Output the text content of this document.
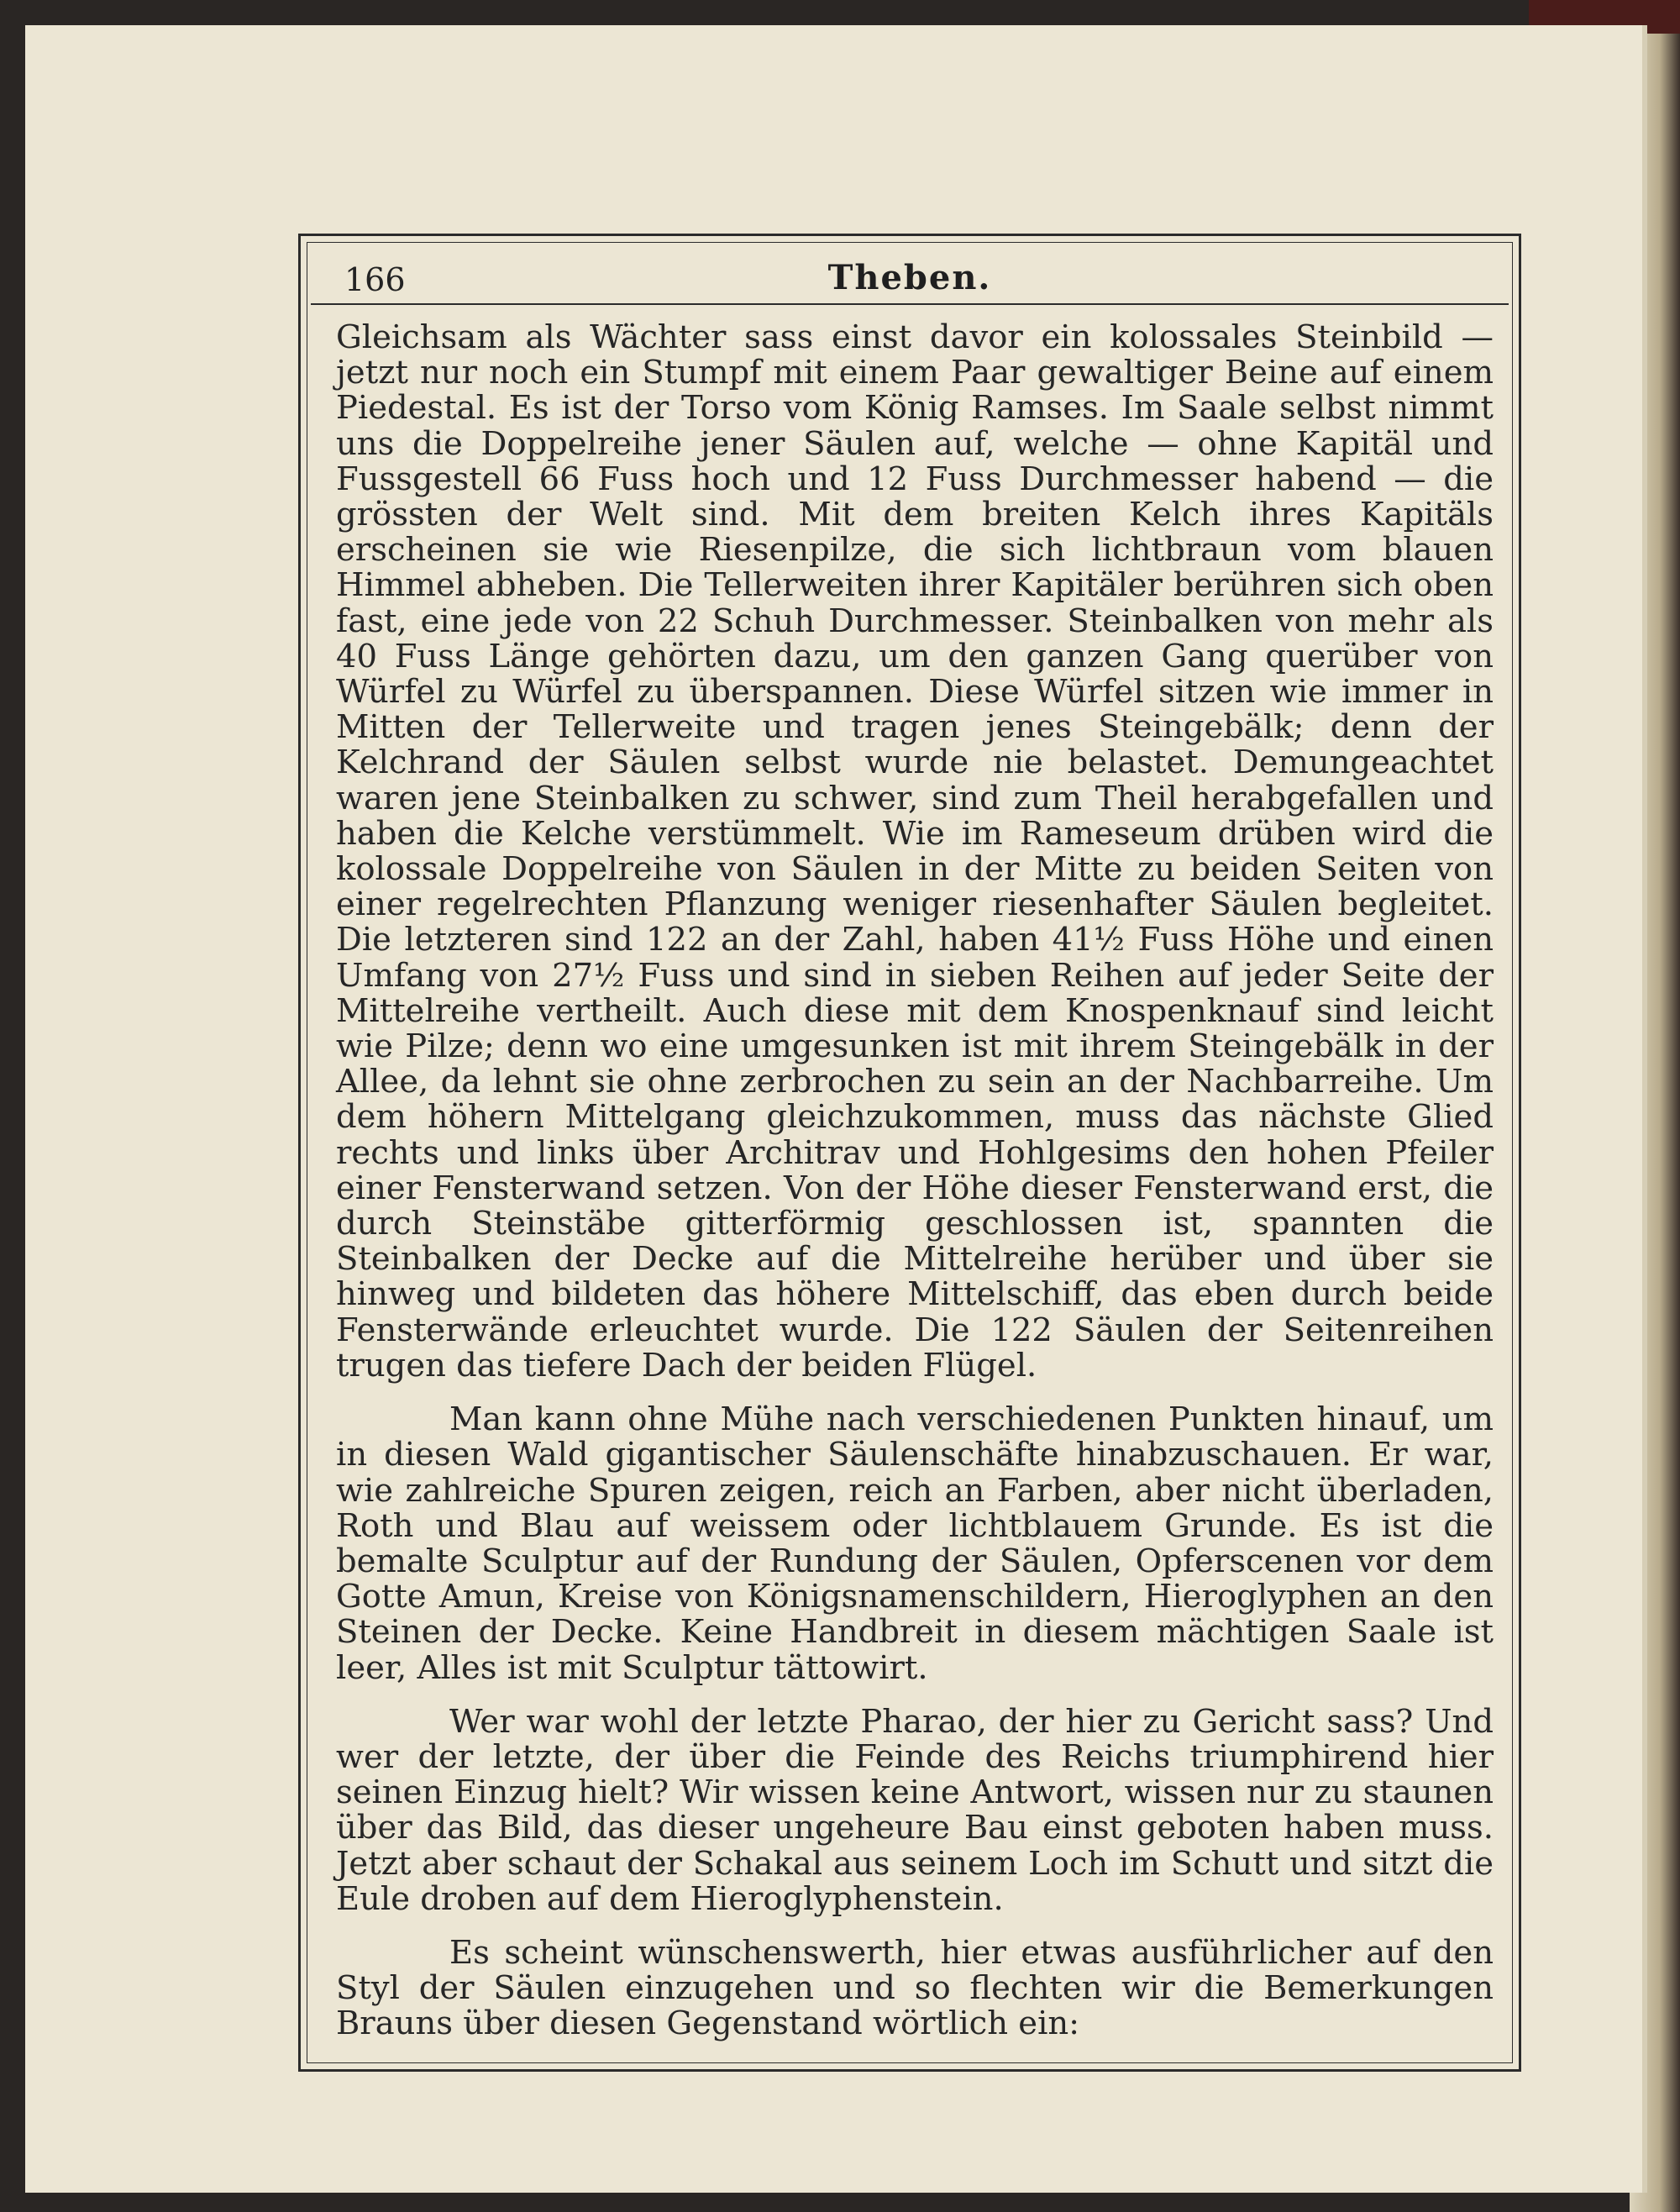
166	Theben.

Gleichsam als Wächter sass einst davor ein kolossales Steinbild — jetzt nur noch ein Stumpf mit einem Paar gewaltiger Beine auf einem Piedestal. Es ist der Torso vom König Ramses. Im Saale selbst nimmt uns die Doppelreihe jener Säulen auf, welche — ohne Kapitäl und Fussgestell 66 Fuss hoch und 12 Fuss Durchmesser habend — die grössten der Welt sind. Mit dem breiten Kelch ihres Kapitäls erscheinen sie wie Riesenpilze, die sich lichtbraun vom blauen Himmel abheben. Die Tellerweiten ihrer Kapitäler berühren sich oben fast, eine jede von 22 Schuh Durchmesser. Steinbalken von mehr als 40 Fuss Länge gehörten dazu, um den ganzen Gang querüber von Würfel zu Würfel zu überspannen. Diese Würfel sitzen wie immer in Mitten der Tellerweite und tragen jenes Steingebälk; denn der Kelchrand der Säulen selbst wurde nie belastet. Demungeachtet waren jene Steinbalken zu schwer, sind zum Theil herabgefallen und haben die Kelche verstümmelt. Wie im Rameseum drüben wird die kolossale Doppelreihe von Säulen in der Mitte zu beiden Seiten von einer regelrechten Pflanzung weniger riesenhafter Säulen begleitet. Die letzteren sind 122 an der Zahl, haben 41½ Fuss Höhe und einen Umfang von 27½ Fuss und sind in sieben Reihen auf jeder Seite der Mittelreihe vertheilt. Auch diese mit dem Knospenknauf sind leicht wie Pilze; denn wo eine umgesunken ist mit ihrem Steingebälk in der Allee, da lehnt sie ohne zerbrochen zu sein an der Nachbarreihe. Um dem höhern Mittelgang gleichzukommen, muss das nächste Glied rechts und links über Architrav und Hohlgesims den hohen Pfeiler einer Fensterwand setzen. Von der Höhe dieser Fensterwand erst, die durch Steinstäbe gitterförmig geschlossen ist, spannten die Steinbalken der Decke auf die Mittelreihe herüber und über sie hinweg und bildeten das höhere Mittelschiff, das eben durch beide Fensterwände erleuchtet wurde. Die 122 Säulen der Seitenreihen trugen das tiefere Dach der beiden Flügel.

Man kann ohne Mühe nach verschiedenen Punkten hinauf, um in diesen Wald gigantischer Säulenschäfte hinabzuschauen. Er war, wie zahlreiche Spuren zeigen, reich an Farben, aber nicht überladen, Roth und Blau auf weissem oder lichtblauem Grunde. Es ist die bemalte Sculptur auf der Rundung der Säulen, Opferscenen vor dem Gotte Amun, Kreise von Königsnamenschildern, Hieroglyphen an den Steinen der Decke. Keine Handbreit in diesem mächtigen Saale ist leer, Alles ist mit Sculptur tättowirt.

Wer war wohl der letzte Pharao, der hier zu Gericht sass? Und wer der letzte, der über die Feinde des Reichs triumphirend hier seinen Einzug hielt? Wir wissen keine Antwort, wissen nur zu staunen über das Bild, das dieser ungeheure Bau einst geboten haben muss. Jetzt aber schaut der Schakal aus seinem Loch im Schutt und sitzt die Eule droben auf dem Hieroglyphenstein.

Es scheint wünschenswerth, hier etwas ausführlicher auf den Styl der Säulen einzugehen und so flechten wir die Bemerkungen Brauns über diesen Gegenstand wörtlich ein:
